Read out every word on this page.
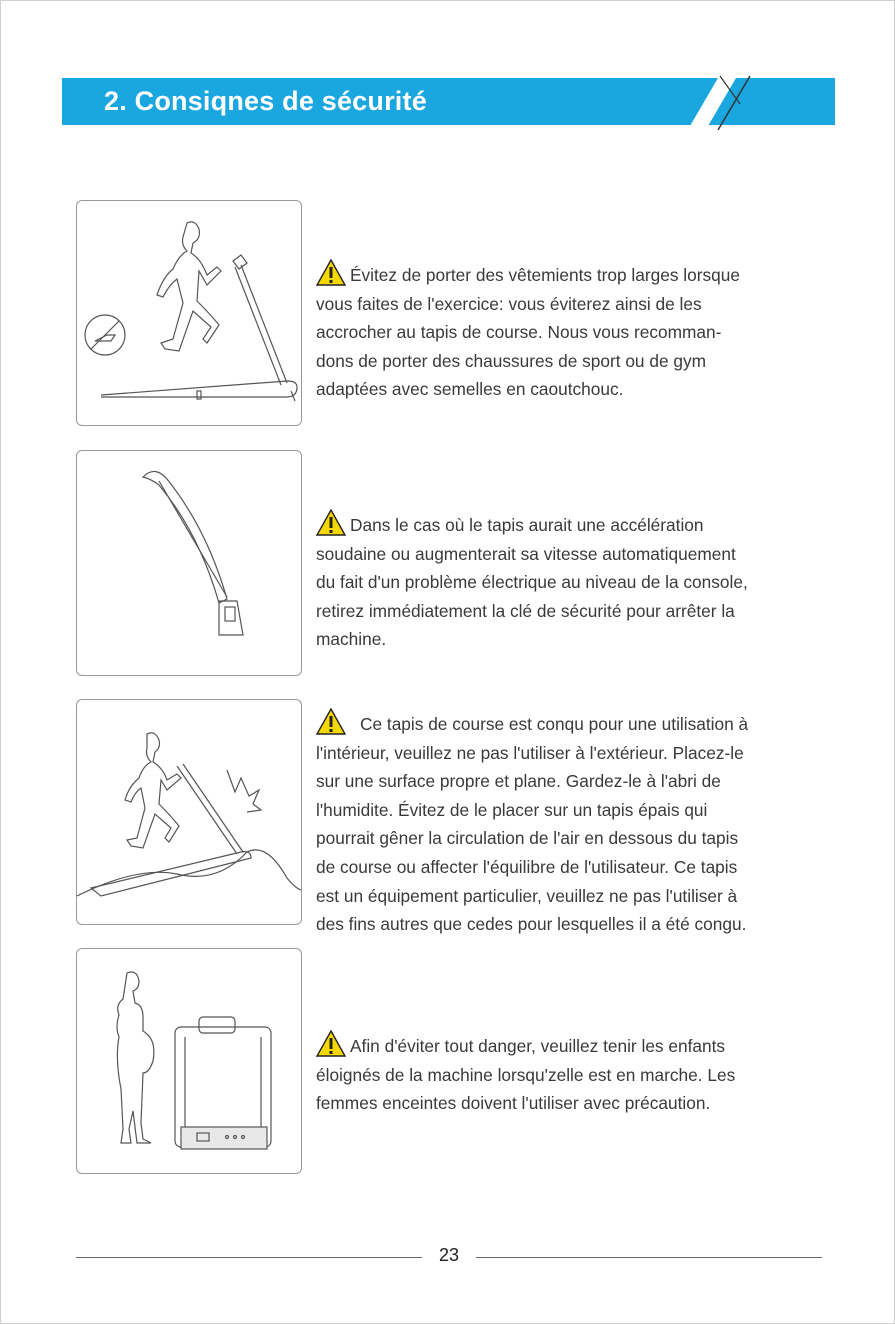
2. Consiqnes de sécurité

Évitez de porter des vêtemients trop larges lorsque

vous faites de l'exercice: vous éviterez ainsi de les

accrocher au tapis de course. Nous vous recomman-

dons de porter des chaussures de sport ou de gym

adaptées avec semelles en caoutchouc.

Dans le cas où le tapis aurait une accélération

soudaine ou augmenterait sa vitesse automatiquement

du fait d'un problème électrique au niveau de la console,

retirez immédiatement la clé de sécurité pour arrêter la

machine.

Ce tapis de course est conqu pour une utilisation à

l'intérieur, veuillez ne pas l'utiliser à l'extérieur. Placez-le

sur une surface propre et plane. Gardez-le à l'abri de

l'humidite. Évitez de le placer sur un tapis épais qui

pourrait gêner la circulation de l'air en dessous du tapis

de course ou affecter l'équilibre de l'utilisateur. Ce tapis

est un équipement particulier, veuillez ne pas l'utiliser à

des fins autres que cedes pour lesquelles il a été congu.

Afin d'éviter tout danger, veuillez tenir les enfants

éloignés de la machine lorsqu'zelle est en marche. Les

femmes enceintes doivent l'utiliser avec précaution.

23
